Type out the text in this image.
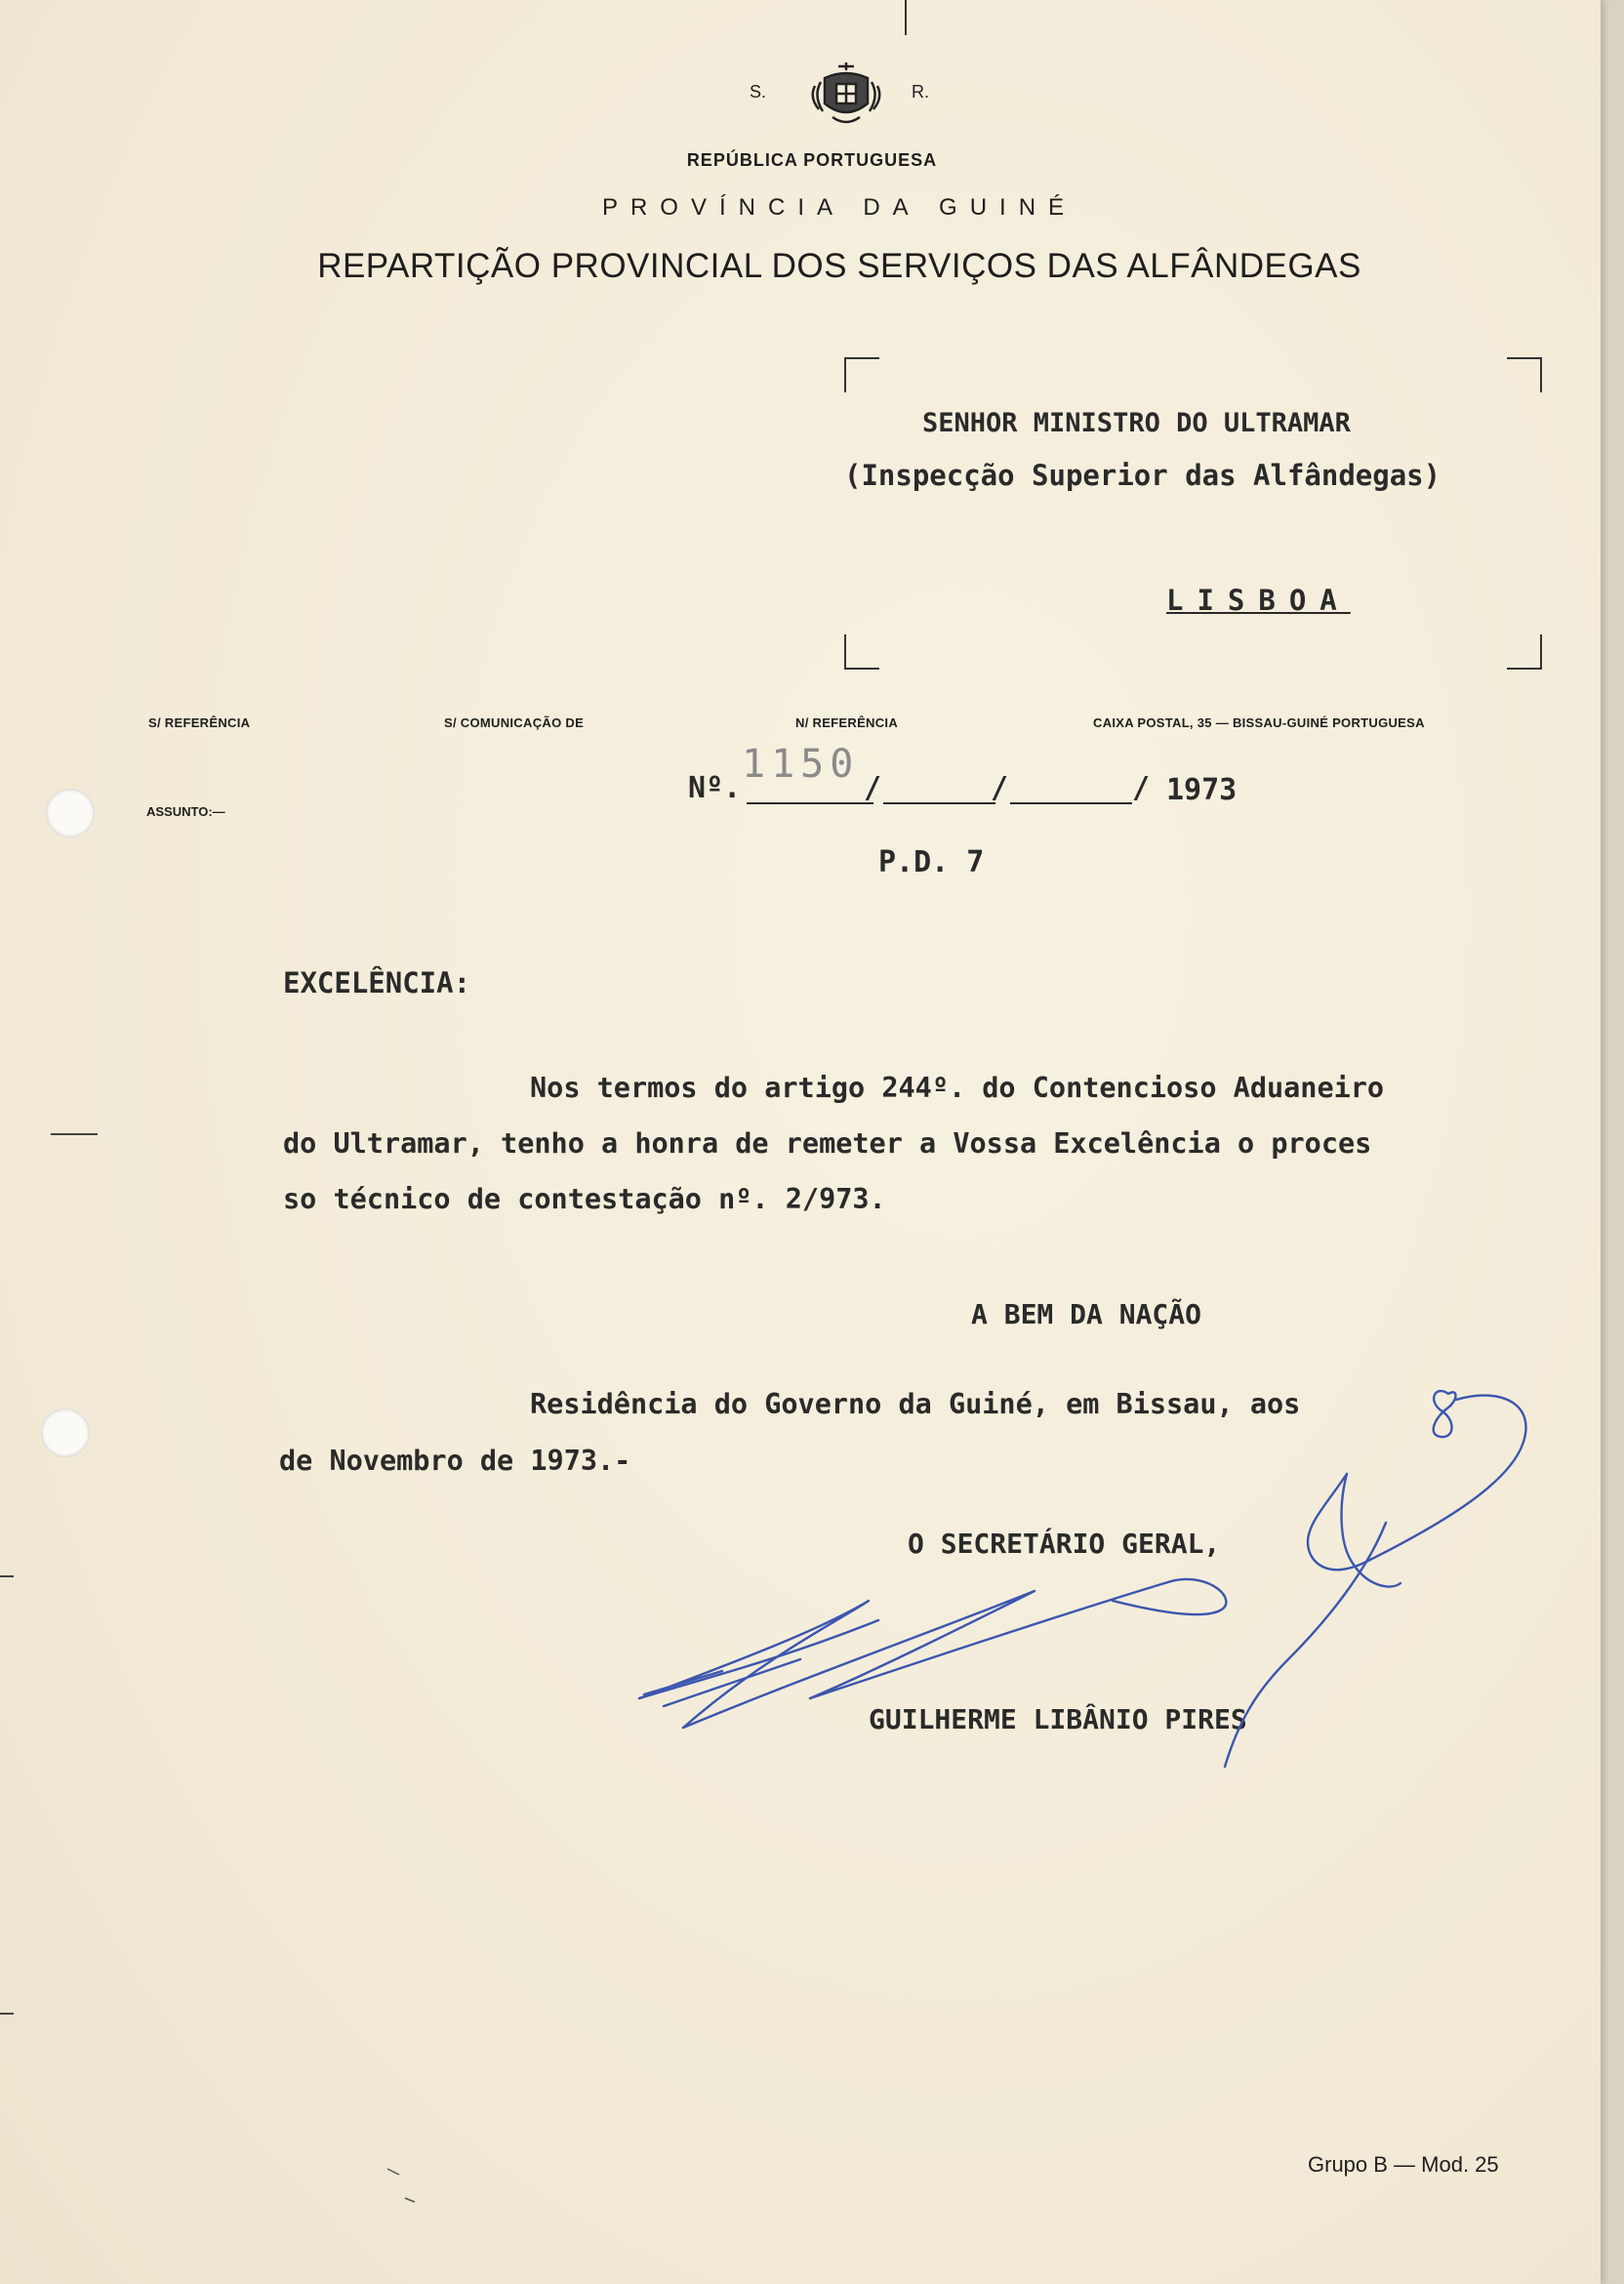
S.	R.
REPÚBLICA PORTUGUESA
PROVÍNCIA DA GUINÉ
REPARTIÇÃO PROVINCIAL DOS SERVIÇOS DAS ALFÂNDEGAS
SENHOR MINISTRO DO ULTRAMAR
(Inspecção Superior das Alfândegas)
LISBOA
S/ REFERÊNCIA	S/ COMUNICAÇÃO DE	N/ REFERÊNCIA	CAIXA POSTAL, 35 — BISSAU-GUINÉ PORTUGUESA
ASSUNTO:—
Nº.
1150
/	/	/ 1973
P.D. 7
EXCELÊNCIA:
Nos termos do artigo 244º. do Contencioso Aduaneiro
do Ultramar, tenho a honra de remeter a Vossa Excelência o proces
so técnico de contestação nº. 2/973.
A BEM DA NAÇÃO
Residência do Governo da Guiné, em Bissau, aos
de Novembro de 1973.-
O SECRETÁRIO GERAL,
GUILHERME LIBÂNIO PIRES
Grupo B — Mod. 25
